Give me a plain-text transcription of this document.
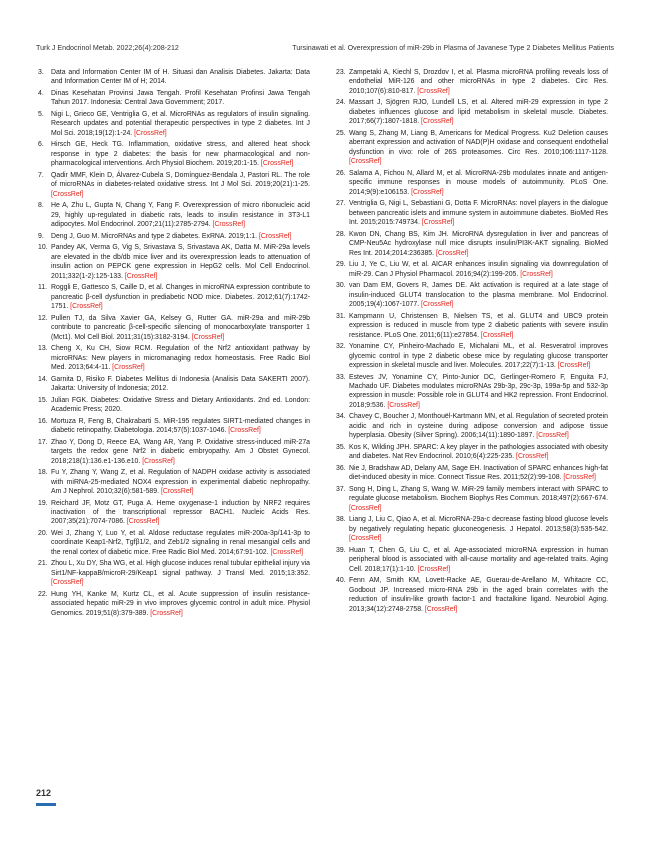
Turk J Endocrinol Metab. 2022;26(4):208-212	Tursinawati et al. Overexpression of miR-29b in Plasma of Javanese Type 2 Diabetes Mellitus Patients
3.	Data and Information Center IM of H. Situasi dan Analisis Diabetes. Jakarta: Data and Information Center IM of H; 2014.
4.	Dinas Kesehatan Provinsi Jawa Tengah. Profil Kesehatan Profinsi Jawa Tengah Tahun 2017. Indonesia: Central Java Government; 2017.
5.	Nigi L, Grieco GE, Ventriglia G, et al. MicroRNAs as regulators of insulin signaling. Research updates and potential therapeutic perspectives in type 2 diabetes. Int J Mol Sci. 2018;19(12):1-24. [CrossRef]
6.	Hirsch GE, Heck TG. Inflammation, oxidative stress, and altered heat shock response in type 2 diabetes: the basis for new pharmacological and non-pharmacological interventions. Arch Physiol Biochem. 2019;20:1-15. [CrossRef]
7.	Qadir MMF, Klein D, Álvarez-Cubela S, Domínguez-Bendala J, Pastori RL. The role of microRNAs in diabetes-related oxidative stress. Int J Mol Sci. 2019;20(21):1-25. [CrossRef]
8.	He A, Zhu L, Gupta N, Chang Y, Fang F. Overexpression of micro ribonucleic acid 29, highly up-regulated in diabetic rats, leads to insulin resistance in 3T3-L1 adipocytes. Mol Endocrinol. 2007;21(11):2785-2794. [CrossRef]
9.	Deng J, Guo M. MicroRNAs and type 2 diabetes. ExRNA. 2019;1:1. [CrossRef]
10. Pandey AK, Verma G, Vig S, Srivastava S, Srivastava AK, Datta M. MiR-29a levels are elevated in the db/db mice liver and its overexpression leads to attenuation of insulin action on PEPCK gene expression in HepG2 cells. Mol Cell Endocrinol. 2011;332(1-2):125-133. [CrossRef]
11. Roggli E, Gattesco S, Caille D, et al. Changes in microRNA expression contribute to pancreatic β-cell dysfunction in prediabetic NOD mice. Diabetes. 2012;61(7):1742-1751. [CrossRef]
12. Pullen TJ, da Silva Xavier GA, Kelsey G, Rutter GA. miR-29a and miR-29b contribute to pancreatic β-cell-specific silencing of monocarboxylate transporter 1 (Mct1). Mol Cell Biol. 2011;31(15):3182-3194. [CrossRef]
13. Cheng X, Ku CH, Siow RCM. Regulation of the Nrf2 antioxidant pathway by microRNAs: New players in micromanaging redox homeostasis. Free Radic Biol Med. 2013;64:4-11. [CrossRef]
14. Garnita D, Risiko F. Diabetes Mellitus di Indonesia (Analisis Data SAKERTI 2007). Jakarta: University of Indonesia; 2012.
15. Julian FGK. Diabetes: Oxidative Stress and Dietary Antioxidants. 2nd ed. London: Academic Press; 2020.
16. Mortuza R, Feng B, Chakrabarti S. MiR-195 regulates SIRT1-mediated changes in diabetic retinopathy. Diabetologia. 2014;57(5):1037-1046. [CrossRef]
17. Zhao Y, Dong D, Reece EA, Wang AR, Yang P. Oxidative stress-induced miR-27a targets the redox gene Nrf2 in diabetic embryopathy. Am J Obstet Gynecol. 2018;218(1):136.e1-136.e10. [CrossRef]
18. Fu Y, Zhang Y, Wang Z, et al. Regulation of NADPH oxidase activity is associated with miRNA-25-mediated NOX4 expression in experimental diabetic nephropathy. Am J Nephrol. 2010;32(6):581-589. [CrossRef]
19. Reichard JF, Motz GT, Puga A. Heme oxygenase-1 induction by NRF2 requires inactivation of the transcriptional repressor BACH1. Nucleic Acids Res. 2007;35(21):7074-7086. [CrossRef]
20. Wei J, Zhang Y, Luo Y, et al. Aldose reductase regulates miR-200a-3p/141-3p to coordinate Keap1-Nrf2, Tgfβ1/2, and Zeb1/2 signaling in renal mesangial cells and the renal cortex of diabetic mice. Free Radic Biol Med. 2014;67:91-102. [CrossRef]
21. Zhou L, Xu DY, Sha WG, et al. High glucose induces renal tubular epithelial injury via Sirt1/NF-kappaB/microR-29/Keap1 signal pathway. J Transl Med. 2015;13:352. [CrossRef]
22. Hung YH, Kanke M, Kurtz CL, et al. Acute suppression of insulin resistance-associated hepatic miR-29 in vivo improves glycemic control in adult mice. Physiol Genomics. 2019;51(8):379-389. [CrossRef]
23. Zampetaki A, Kiechl S, Drozdov I, et al. Plasma microRNA profiling reveals loss of endothelial MiR-126 and other microRNAs in type 2 diabetes. Circ Res. 2010;107(6):810-817. [CrossRef]
24. Massart J, Sjögren RJO, Lundell LS, et al. Altered miR-29 expression in type 2 diabetes influences glucose and lipid metabolism in skeletal muscle. Diabetes. 2017;66(7):1807-1818. [CrossRef]
25. Wang S, Zhang M, Liang B, Americans for Medical Progress. Ku2 Deletion causes aberrant expression and activation of NAD(P)H oxidase and consequent endothelial dysfunction in vivo: role of 26S proteasomes. Circ Res. 2010;106:1117-1128. [CrossRef]
26. Salama A, Fichou N, Allard M, et al. MicroRNA-29b modulates innate and antigen-specific immune responses in mouse models of autoimmunity. PLoS One. 2014;9(9):e106153. [CrossRef]
27. Ventriglia G, Nigi L, Sebastiani G, Dotta F. MicroRNAs: novel players in the dialogue between pancreatic islets and immune system in autoimmune diabetes. BioMed Res Int. 2015;2015:749734. [CrossRef]
28. Kwon DN, Chang BS, Kim JH. MicroRNA dysregulation in liver and pancreas of CMP-Neu5Ac hydroxylase null mice disrupts insulin/PI3K-AKT signaling. BioMed Res Int. 2014;2014:236385. [CrossRef]
29. Liu J, Ye C, Liu W, et al. AICAR enhances insulin signaling via downregulation of miR-29. Can J Physiol Pharmacol. 2016;94(2):199-205. [CrossRef]
30. van Dam EM, Govers R, James DE. Akt activation is required at a late stage of insulin-induced GLUT4 translocation to the plasma membrane. Mol Endocrinol. 2005;19(4):1067-1077. [CrossRef]
31. Kampmann U, Christensen B, Nielsen TS, et al. GLUT4 and UBC9 protein expression is reduced in muscle from type 2 diabetic patients with severe insulin resistance. PLoS One. 2011;6(11):e27854. [CrossRef]
32. Yonamine CY, Pinheiro-Machado E, Michalani ML, et al. Resveratrol improves glycemic control in type 2 diabetic obese mice by regulating glucose transporter expression in skeletal muscle and liver. Molecules. 2017;22(7):1-13. [CrossRef]
33. Esteves JV, Yonamine CY, Pinto-Junior DC, Gerlinger-Romero F, Enguita FJ, Machado UF. Diabetes modulates microRNAs 29b-3p, 29c-3p, 199a-5p and 532-3p expression in muscle: Possible role in GLUT4 and HK2 repression. Front Endocrinol. 2018;9:536. [CrossRef]
34. Chavey C, Boucher J, Monthouël-Kartmann MN, et al. Regulation of secreted protein acidic and rich in cysteine during adipose conversion and adipose tissue hyperplasia. Obesity (Silver Spring). 2006;14(11):1890-1897. [CrossRef]
35. Kos K, Wilding JPH. SPARC: A key player in the pathologies associated with obesity and diabetes. Nat Rev Endocrinol. 2010;6(4):225-235. [CrossRef]
36. Nie J, Bradshaw AD, Delany AM, Sage EH. Inactivation of SPARC enhances high-fat diet-induced obesity in mice. Connect Tissue Res. 2011;52(2):99-108. [CrossRef]
37. Song H, Ding L, Zhang S, Wang W. MiR-29 family members interact with SPARC to regulate glucose metabolism. Biochem Biophys Res Commun. 2018;497(2):667-674. [CrossRef]
38. Liang J, Liu C, Qiao A, et al. MicroRNA-29a-c decrease fasting blood glucose levels by negatively regulating hepatic gluconeogenesis. J Hepatol. 2013;58(3):535-542. [CrossRef]
39. Huan T, Chen G, Liu C, et al. Age-associated microRNA expression in human peripheral blood is associated with all-cause mortality and age-related traits. Aging Cell. 2018;17(1):1-10. [CrossRef]
40. Fenn AM, Smith KM, Lovett-Racke AE, Guerau-de-Arellano M, Whitacre CC, Godbout JP. Increased micro-RNA 29b in the aged brain correlates with the reduction of insulin-like growth factor-1 and fractalkine ligand. Neurobiol Aging. 2013;34(12):2748-2758. [CrossRef]
212
